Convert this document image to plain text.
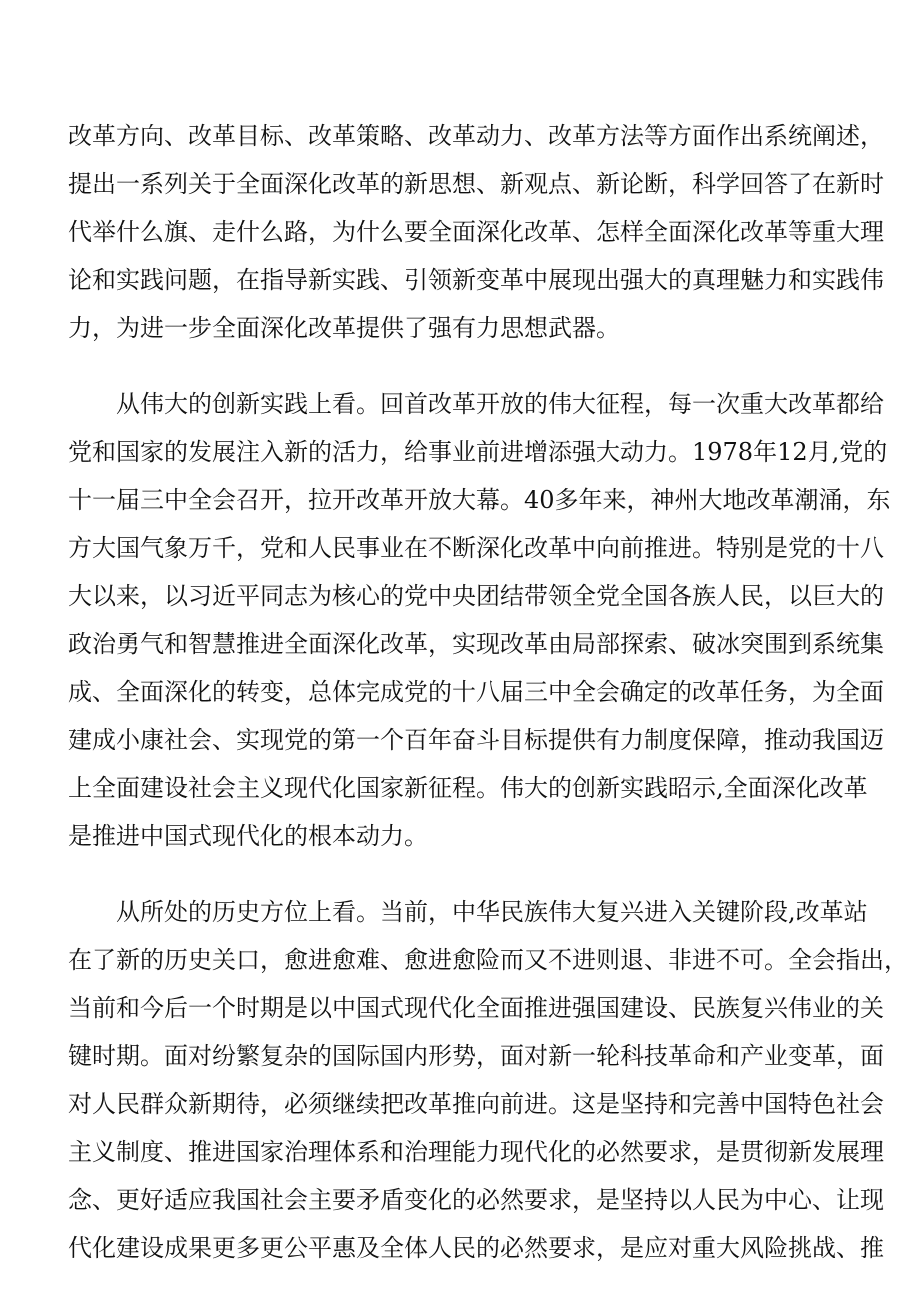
改革方向、改革目标、改革策略、改革动力、改革方法等方面作出系统阐述，
提出一系列关于全面深化改革的新思想、新观点、新论断，科学回答了在新时
代举什么旗、走什么路，为什么要全面深化改革、怎样全面深化改革等重大理
论和实践问题，在指导新实践、引领新变革中展现出强大的真理魅力和实践伟
力，为进一步全面深化改革提供了强有力思想武器。
从伟大的创新实践上看。回首改革开放的伟大征程，每一次重大改革都给
党和国家的发展注入新的活力，给事业前进增添强大动力。1978年12月,党的
十一届三中全会召开，拉开改革开放大幕。40多年来，神州大地改革潮涌，东
方大国气象万千，党和人民事业在不断深化改革中向前推进。特别是党的十八
大以来，以习近平同志为核心的党中央团结带领全党全国各族人民，以巨大的
政治勇气和智慧推进全面深化改革，实现改革由局部探索、破冰突围到系统集
成、全面深化的转变，总体完成党的十八届三中全会确定的改革任务，为全面
建成小康社会、实现党的第一个百年奋斗目标提供有力制度保障，推动我国迈
上全面建设社会主义现代化国家新征程。伟大的创新实践昭示,全面深化改革
是推进中国式现代化的根本动力。
从所处的历史方位上看。当前，中华民族伟大复兴进入关键阶段,改革站
在了新的历史关口，愈进愈难、愈进愈险而又不进则退、非进不可。全会指出，
当前和今后一个时期是以中国式现代化全面推进强国建设、民族复兴伟业的关
键时期。面对纷繁复杂的国际国内形势，面对新一轮科技革命和产业变革，面
对人民群众新期待，必须继续把改革推向前进。这是坚持和完善中国特色社会
主义制度、推进国家治理体系和治理能力现代化的必然要求，是贯彻新发展理
念、更好适应我国社会主要矛盾变化的必然要求，是坚持以人民为中心、让现
代化建设成果更多更公平惠及全体人民的必然要求，是应对重大风险挑战、推
